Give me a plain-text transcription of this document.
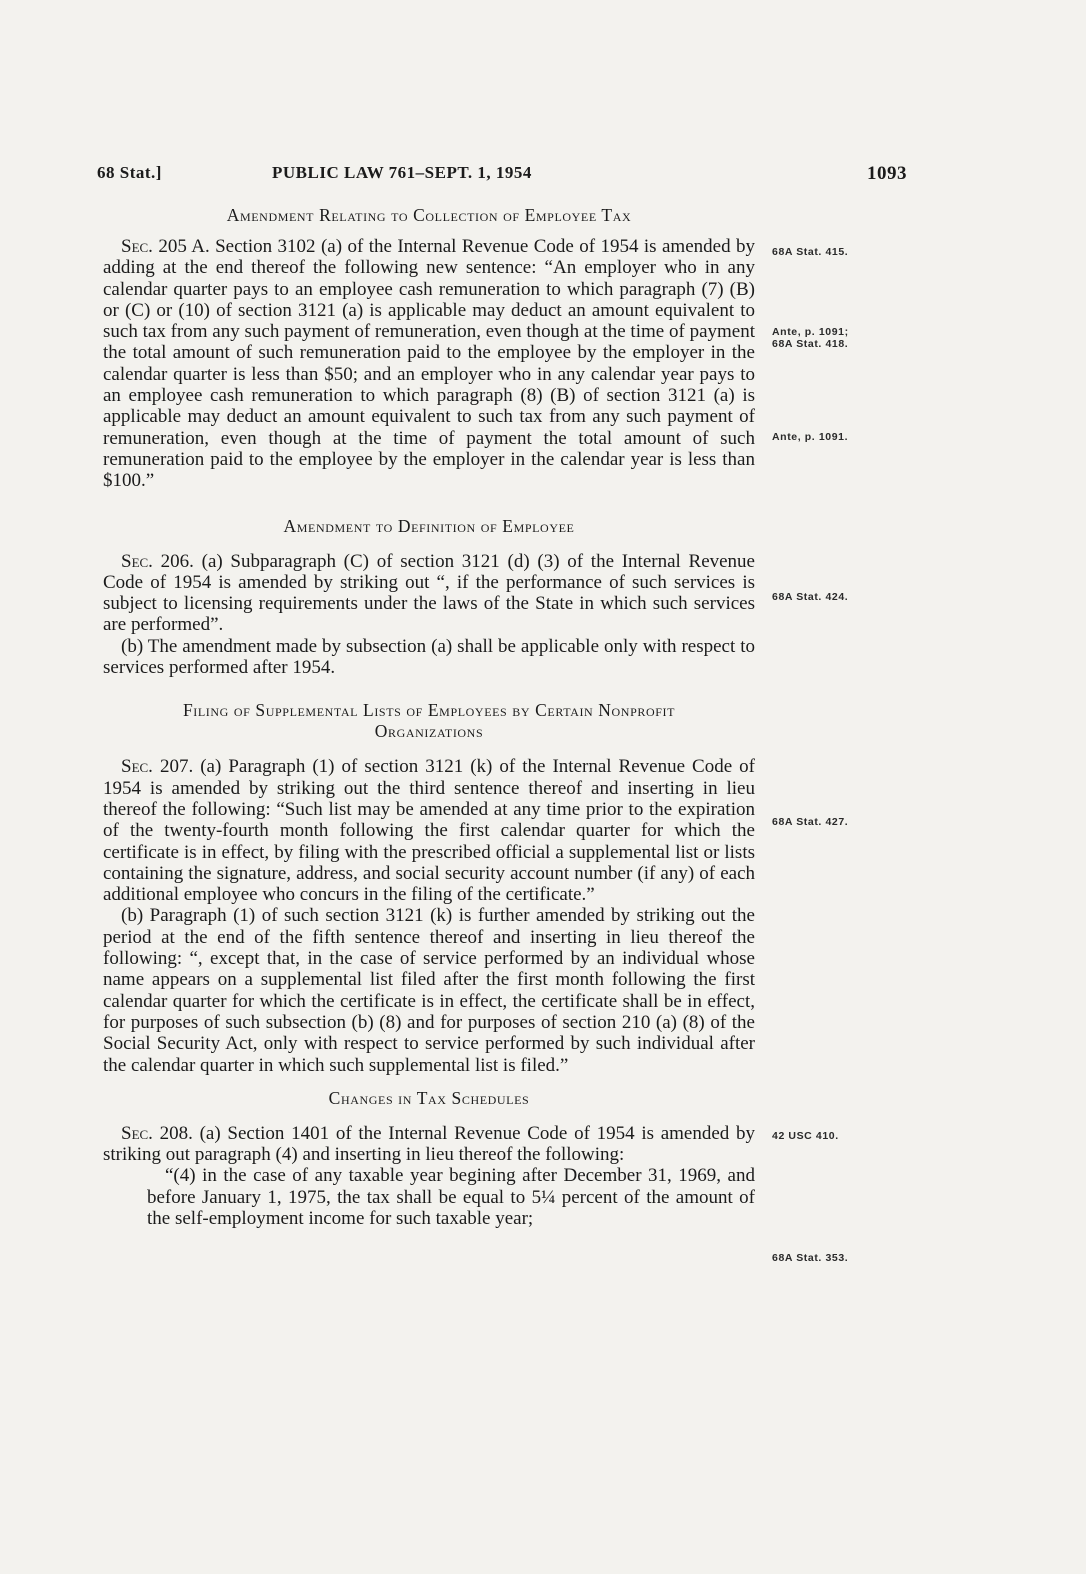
68 Stat.]	PUBLIC LAW 761–SEPT. 1, 1954	1093
Amendment Relating to Collection of Employee Tax

Sec. 205 A. Section 3102 (a) of the Internal Revenue Code of 1954 is amended by adding at the end thereof the following new sentence: “An employer who in any calendar quarter pays to an employee cash remuneration to which paragraph (7) (B) or (C) or (10) of section 3121 (a) is applicable may deduct an amount equivalent to such tax from any such payment of remuneration, even though at the time of payment the total amount of such remuneration paid to the employee by the employer in the calendar quarter is less than $50; and an employer who in any calendar year pays to an employee cash remuneration to which paragraph (8) (B) of section 3121 (a) is applicable may deduct an amount equivalent to such tax from any such payment of remuneration, even though at the time of payment the total amount of such remuneration paid to the employee by the employer in the calendar year is less than $100.”

Amendment to Definition of Employee

Sec. 206. (a) Subparagraph (C) of section 3121 (d) (3) of the Internal Revenue Code of 1954 is amended by striking out “, if the performance of such services is subject to licensing requirements under the laws of the State in which such services are performed”.

(b) The amendment made by subsection (a) shall be applicable only with respect to services performed after 1954.

Filing of Supplemental Lists of Employees by Certain Nonprofit Organizations

Sec. 207. (a) Paragraph (1) of section 3121 (k) of the Internal Revenue Code of 1954 is amended by striking out the third sentence thereof and inserting in lieu thereof the following: “Such list may be amended at any time prior to the expiration of the twenty-fourth month following the first calendar quarter for which the certificate is in effect, by filing with the prescribed official a supplemental list or lists containing the signature, address, and social security account number (if any) of each additional employee who concurs in the filing of the certificate.”

(b) Paragraph (1) of such section 3121 (k) is further amended by striking out the period at the end of the fifth sentence thereof and inserting in lieu thereof the following: “, except that, in the case of service performed by an individual whose name appears on a supplemental list filed after the first month following the first calendar quarter for which the certificate is in effect, the certificate shall be in effect, for purposes of such subsection (b) (8) and for purposes of section 210 (a) (8) of the Social Security Act, only with respect to service performed by such individual after the calendar quarter in which such supplemental list is filed.”

Changes in Tax Schedules

Sec. 208. (a) Section 1401 of the Internal Revenue Code of 1954 is amended by striking out paragraph (4) and inserting in lieu thereof the following:

“(4) in the case of any taxable year begining after December 31, 1969, and before January 1, 1975, the tax shall be equal to 5¼ percent of the amount of the self-employment income for such taxable year;

68A Stat. 415.
Ante, p. 1091;
68A Stat. 418.
Ante, p. 1091.
68A Stat. 424.
68A Stat. 427.
42 USC 410.
68A Stat. 353.
